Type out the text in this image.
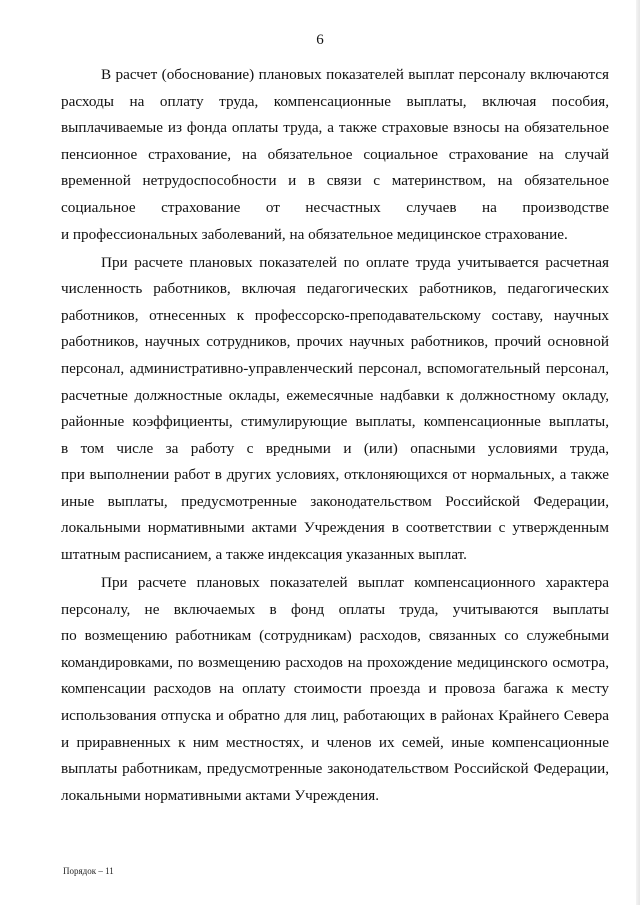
6
В расчет (обоснование) плановых показателей выплат персоналу включаются
расходы на оплату труда, компенсационные выплаты, включая пособия,
выплачиваемые из фонда оплаты труда, а также страховые взносы на обязательное
пенсионное страхование, на обязательное социальное страхование на случай
временной нетрудоспособности и в связи с материнством, на обязательное
социальное страхование от несчастных случаев на производстве
и профессиональных заболеваний, на обязательное медицинское страхование.
При расчете плановых показателей по оплате труда учитывается расчетная
численность работников, включая педагогических работников, педагогических
работников, отнесенных к профессорско-преподавательскому составу, научных
работников, научных сотрудников, прочих научных работников, прочий основной
персонал, административно-управленческий персонал, вспомогательный персонал,
расчетные должностные оклады, ежемесячные надбавки к должностному окладу,
районные коэффициенты, стимулирующие выплаты, компенсационные выплаты,
в том числе за работу с вредными и (или) опасными условиями труда,
при выполнении работ в других условиях, отклоняющихся от нормальных, а также
иные выплаты, предусмотренные законодательством Российской Федерации,
локальными нормативными актами Учреждения в соответствии с утвержденным
штатным расписанием, а также индексация указанных выплат.
При расчете плановых показателей выплат компенсационного характера
персоналу, не включаемых в фонд оплаты труда, учитываются выплаты
по возмещению работникам (сотрудникам) расходов, связанных со служебными
командировками, по возмещению расходов на прохождение медицинского осмотра,
компенсации расходов на оплату стоимости проезда и провоза багажа к месту
использования отпуска и обратно для лиц, работающих в районах Крайнего Севера
и приравненных к ним местностях, и членов их семей, иные компенсационные
выплаты работникам, предусмотренные законодательством Российской Федерации,
локальными нормативными актами Учреждения.
Порядок – 11
